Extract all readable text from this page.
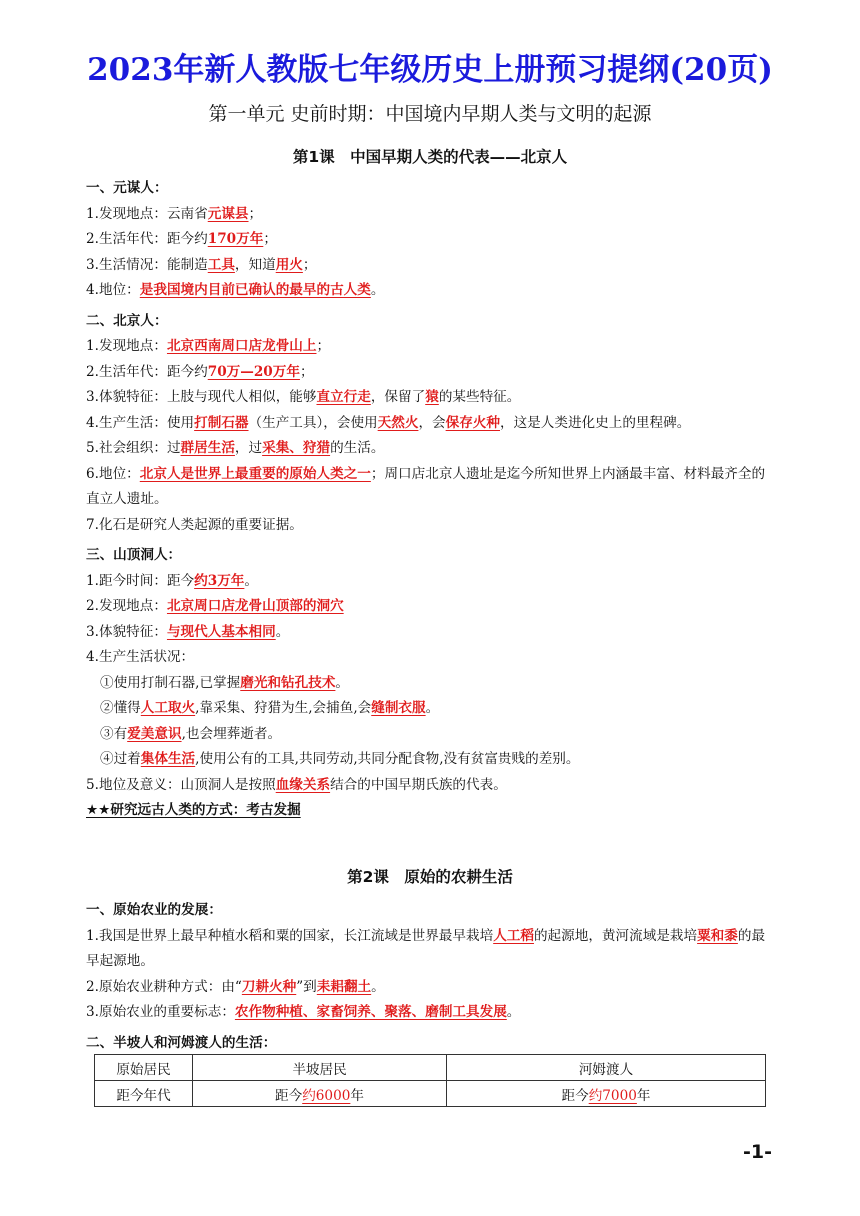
2023年新人教版七年级历史上册预习提纲(20页)
第一单元 史前时期：中国境内早期人类与文明的起源
第1课　中国早期人类的代表——北京人
一、元谋人：
1.发现地点：云南省元谋县；
2.生活年代：距今约170万年；
3.生活情况：能制造工具，知道用火；
4.地位：是我国境内目前已确认的最早的古人类。
二、北京人：
1.发现地点：北京西南周口店龙骨山上；
2.生活年代：距今约70万—20万年；
3.体貌特征：上肢与现代人相似，能够直立行走，保留了猿的某些特征。
4.生产生活：使用打制石器（生产工具），会使用天然火，会保存火种，这是人类进化史上的里程碑。
5.社会组织：过群居生活，过采集、狩猎的生活。
6.地位：北京人是世界上最重要的原始人类之一；周口店北京人遗址是迄今所知世界上内涵最丰富、材料最齐全的直立人遗址。
7.化石是研究人类起源的重要证据。
三、山顶洞人：
1.距今时间：距今约3万年。
2.发现地点：北京周口店龙骨山顶部的洞穴
3.体貌特征：与现代人基本相同。
4.生产生活状况：
①使用打制石器,已掌握磨光和钻孔技术。
②懂得人工取火,靠采集、狩猎为生,会捕鱼,会缝制衣服。
③有爱美意识,也会埋葬逝者。
④过着集体生活,使用公有的工具,共同劳动,共同分配食物,没有贫富贵贱的差别。
5.地位及意义：山顶洞人是按照血缘关系结合的中国早期氏族的代表。
★★研究远古人类的方式：考古发掘
第2课　原始的农耕生活
一、原始农业的发展：
1.我国是世界上最早种植水稻和粟的国家，长江流域是世界最早栽培人工稻的起源地，黄河流域是栽培粟和黍的最早起源地。
2.原始农业耕种方式：由“刀耕火种”到耒耜翻土。
3.原始农业的重要标志：农作物种植、家畜饲养、聚落、磨制工具发展。
二、半坡人和河姆渡人的生活：
原始居民	半坡居民	河姆渡人
距今年代	距今约6000年	距今约7000年
-1-
